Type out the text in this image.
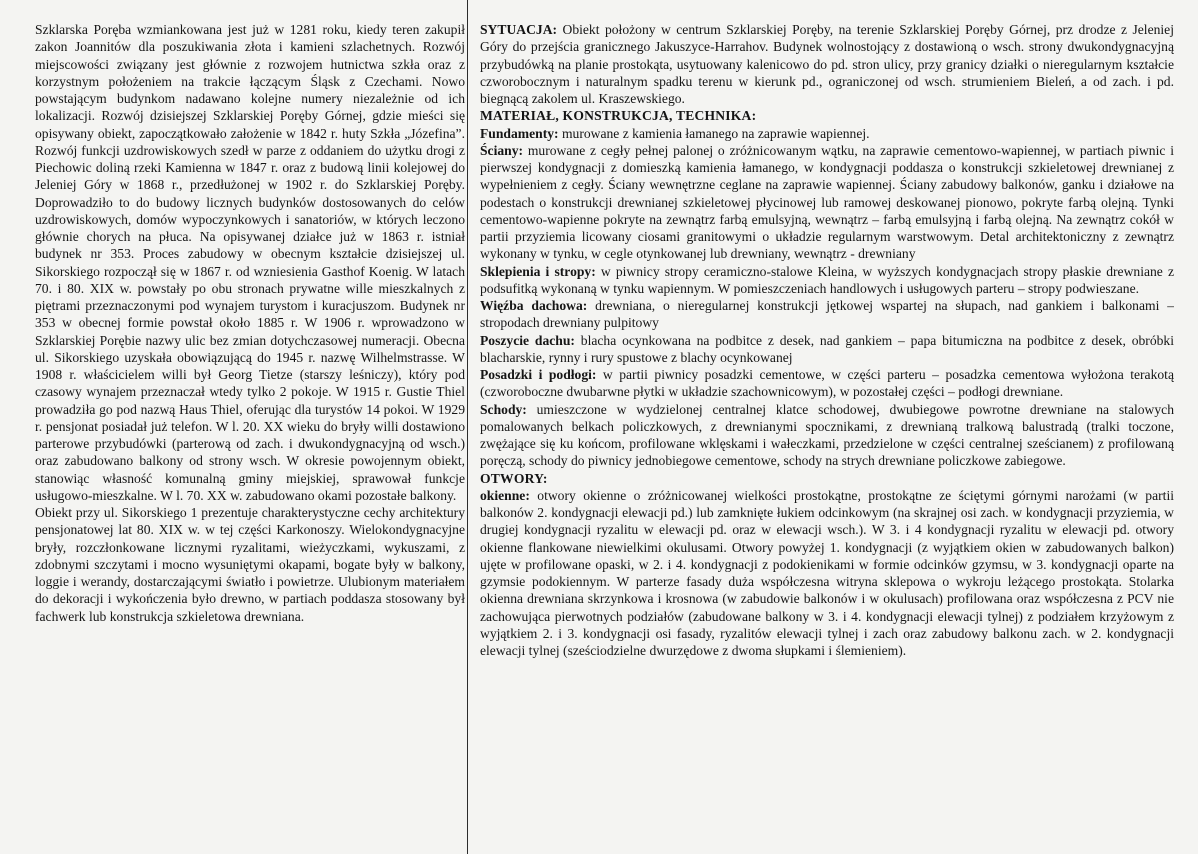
Szklarska Poręba wzmiankowana jest już w 1281 roku, kiedy teren zakupił zakon Joannitów dla poszukiwania złota i kamieni szlachetnych. Rozwój miejscowości związany jest głównie z rozwojem hutnictwa szkła oraz z korzystnym położeniem na trakcie łączącym Śląsk z Czechami. Nowo powstającym budynkom nadawano kolejne numery niezależnie od ich lokalizacji. Rozwój dzisiejszej Szklarskiej Poręby Górnej, gdzie mieści się opisywany obiekt, zapoczątkowało założenie w 1842 r. huty Szkła „Józefina”. Rozwój funkcji uzdrowiskowych szedł w parze z oddaniem do użytku drogi z Piechowic doliną rzeki Kamienna w 1847 r. oraz z budową linii kolejowej do Jeleniej Góry w 1868 r., przedłużonej w 1902 r. do Szklarskiej Poręby. Doprowadziło to do budowy licznych budynków dostosowanych do celów uzdrowiskowych, domów wypoczynkowych i sanatoriów, w których leczono głównie chorych na płuca. Na opisywanej działce już w 1863 r. istniał budynek nr 353. Proces zabudowy w obecnym kształcie dzisiejszej ul. Sikorskiego rozpoczął się w 1867 r. od wzniesienia Gasthof Koenig. W latach 70. i 80. XIX w. powstały po obu stronach prywatne wille mieszkalnych z piętrami przeznaczonymi pod wynajem turystom i kuracjuszom. Budynek nr 353 w obecnej formie powstał około 1885 r. W 1906 r. wprowadzono w Szklarskiej Porębie nazwy ulic bez zmian dotychczasowej numeracji. Obecna ul. Sikorskiego uzyskała obowiązującą do 1945 r. nazwę Wilhelmstrasse. W 1908 r. właścicielem willi był Georg Tietze (starszy leśniczy), który pod czasowy wynajem przeznaczał wtedy tylko 2 pokoje. W 1915 r. Gustie Thiel prowadziła go pod nazwą Haus Thiel, oferując dla turystów 14 pokoi. W 1929 r. pensjonat posiadał już telefon. W l. 20. XX wieku do bryły willi dostawiono parterowe przybudówki (parterową od zach. i dwukondygnacyjną od wsch.) oraz zabudowano balkony od strony wsch. W okresie powojennym obiekt, stanowiąc własność komunalną gminy miejskiej, sprawował funkcje usługowo-mieszkalne. W l. 70. XX w. zabudowano okami pozostałe balkony.

Obiekt przy ul. Sikorskiego 1 prezentuje charakterystyczne cechy architektury pensjonatowej lat 80. XIX w. w tej części Karkonoszy. Wielokondygnacyjne bryły, rozczłonkowane licznymi ryzalitami, wieżyczkami, wykuszami, z zdobnymi szczytami i mocno wysuniętymi okapami, bogate były w balkony, loggie i werandy, dostarczającymi światło i powietrze. Ulubionym materiałem do dekoracji i wykończenia było drewno, w partiach poddasza stosowany był fachwerk lub konstrukcja szkieletowa drewniana.

SYTUACJA: Obiekt położony w centrum Szklarskiej Poręby, na terenie Szklarskiej Poręby Górnej, prz drodze z Jeleniej Góry do przejścia granicznego Jakuszyce-Harrahov. Budynek wolnostojący z dostawioną o wsch. strony dwukondygnacyjną przybudówką na planie prostokąta, usytuowany kalenicowo do pd. stron ulicy, przy granicy działki o nieregularnym kształcie czworobocznym i naturalnym spadku terenu w kierunk pd., ograniczonej od wsch. strumieniem Bieleń, a od zach. i pd. biegnącą zakolem ul. Kraszewskiego.

MATERIAŁ, KONSTRUKCJA, TECHNIKA:

Fundamenty: murowane z kamienia łamanego na zaprawie wapiennej.

Ściany: murowane z cegły pełnej palonej o zróżnicowanym wątku, na zaprawie cementowo-wapiennej, w partiach piwnic i pierwszej kondygnacji z domieszką kamienia łamanego, w kondygnacji poddasza o konstrukcji szkieletowej drewnianej z wypełnieniem z cegły. Ściany wewnętrzne ceglane na zaprawie wapiennej. Ściany zabudowy balkonów, ganku i działowe na podestach o konstrukcji drewnianej szkieletowej płycinowej lub ramowej deskowanej pionowo, pokryte farbą olejną. Tynki cementowo-wapienne pokryte na zewnątrz farbą emulsyjną, wewnątrz – farbą emulsyjną i farbą olejną. Na zewnątrz cokół w partii przyziemia licowany ciosami granitowymi o układzie regularnym warstwowym. Detal architektoniczny z zewnątrz wykonany w tynku, w cegle otynkowanej lub drewniany, wewnątrz - drewniany

Sklepienia i stropy: w piwnicy stropy ceramiczno-stalowe Kleina, w wyższych kondygnacjach stropy płaskie drewniane z podsufitką wykonaną w tynku wapiennym. W pomieszczeniach handlowych i usługowych parteru – stropy podwieszane.

Więźba dachowa: drewniana, o nieregularnej konstrukcji jętkowej wspartej na słupach, nad gankiem i balkonami – stropodach drewniany pulpitowy

Poszycie dachu: blacha ocynkowana na podbitce z desek, nad gankiem – papa bitumiczna na podbitce z desek, obróbki blacharskie, rynny i rury spustowe z blachy ocynkowanej

Posadzki i podłogi: w partii piwnicy posadzki cementowe, w części parteru – posadzka cementowa wyłożona terakotą (czworoboczne dwubarwne płytki w układzie szachownicowym), w pozostałej części – podłogi drewniane.

Schody: umieszczone w wydzielonej centralnej klatce schodowej, dwubiegowe powrotne drewniane na stalowych pomalowanych belkach policzkowych, z drewnianymi spocznikami, z drewnianą tralkową balustradą (tralki toczone, zwężające się ku końcom, profilowane wklęskami i wałeczkami, przedzielone w części centralnej sześcianem) z profilowaną poręczą, schody do piwnicy jednobiegowe cementowe, schody na strych drewniane policzkowe zabiegowe.

OTWORY:

okienne: otwory okienne o zróżnicowanej wielkości prostokątne, prostokątne ze ściętymi górnymi narożami (w partii balkonów 2. kondygnacji elewacji pd.) lub zamknięte łukiem odcinkowym (na skrajnej osi zach. w kondygnacji przyziemia, w drugiej kondygnacji ryzalitu w elewacji pd. oraz w elewacji wsch.). W 3. i 4 kondygnacji ryzalitu w elewacji pd. otwory okienne flankowane niewielkimi okulusami. Otwory powyżej 1. kondygnacji (z wyjątkiem okien w zabudowanych balkon) ujęte w profilowane opaski, w 2. i 4. kondygnacji z podokienikami w formie odcinków gzymsu, w 3. kondygnacji oparte na gzymsie podokiennym. W parterze fasady duża współczesna witryna sklepowa o wykroju leżącego prostokąta. Stolarka okienna drewniana skrzynkowa i krosnowa (w zabudowie balkonów i w okulusach) profilowana oraz współczesna z PCV nie zachowująca pierwotnych podziałów (zabudowane balkony w 3. i 4. kondygnacji elewacji tylnej) z podziałem krzyżowym z wyjątkiem 2. i 3. kondygnacji osi fasady, ryzalitów elewacji tylnej i zach oraz zabudowy balkonu zach. w 2. kondygnacji elewacji tylnej (sześciodzielne dwurzędowe z dwoma słupkami i ślemieniem).
